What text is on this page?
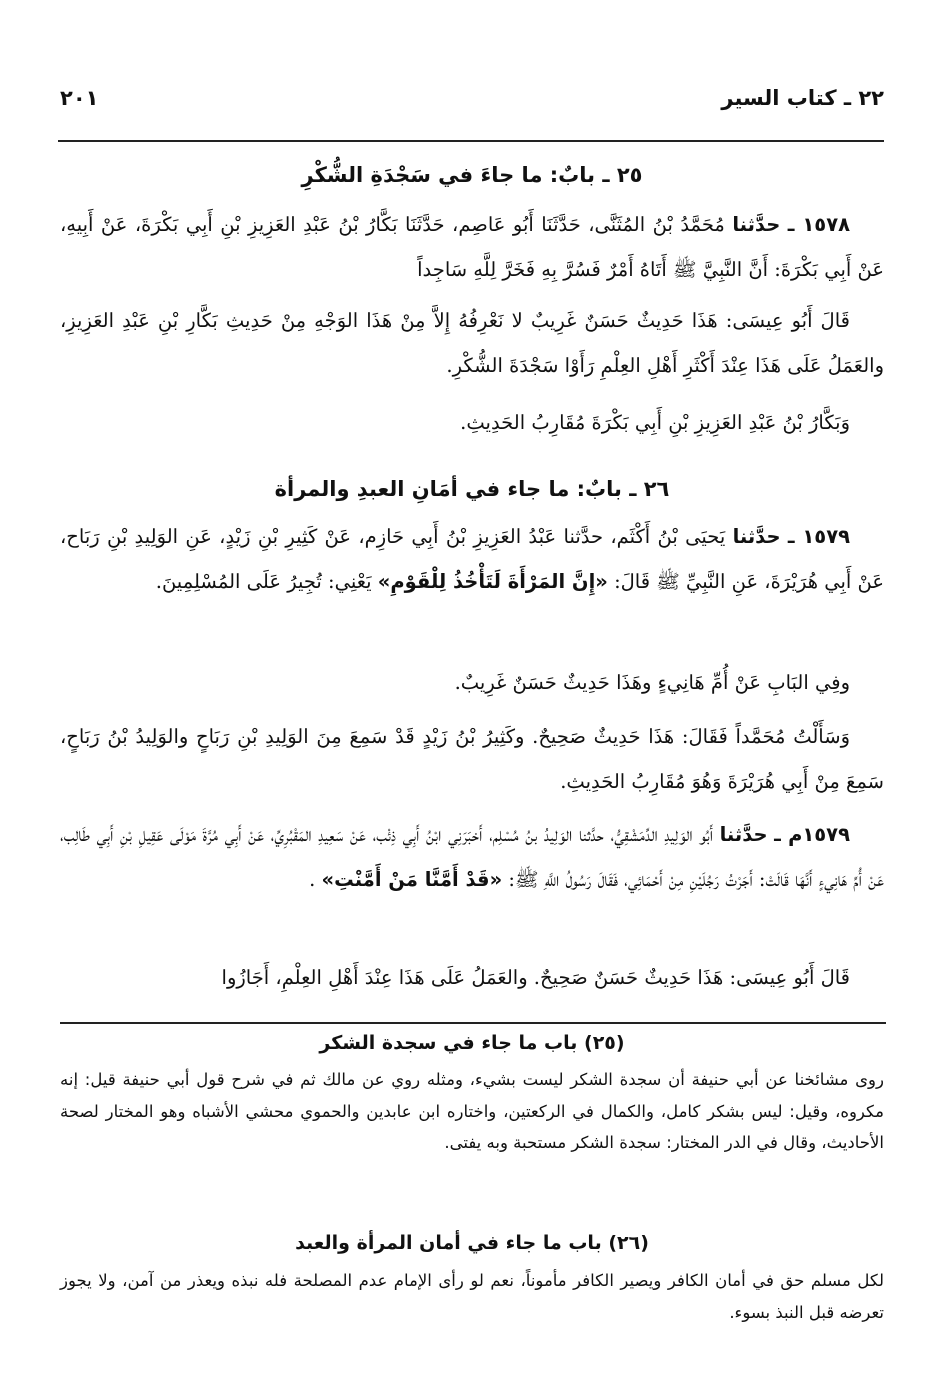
٢٢ ـ كتاب السير
٢٠١
٢٥ ـ بابٌ: ما جاءَ في سَجْدَةِ الشُّكْرِ
١٥٧٨ ـ حدَّثنا مُحَمَّدُ بْنُ المُثَنَّى، حَدَّثَنَا أَبُو عَاصِم، حَدَّثَنَا بَكَّارُ بْنُ عَبْدِ العَزِيزِ بْنِ أَبِي بَكْرَةَ، عَنْ أَبِيهِ، عَنْ أَبِي بَكْرَةَ: أَنَّ النَّبِيَّ ﷺ أَتَاهُ أَمْرٌ فَسُرَّ بِهِ فَخَرَّ لِلَّهِ سَاجِداً
قَالَ أَبُو عِيسَى: هَذَا حَدِيثٌ حَسَنٌ غَرِيبٌ لا نَعْرِفُهُ إِلاَّ مِنْ هَذَا الوَجْهِ مِنْ حَدِيثِ بَكَّارِ بْنِ عَبْدِ العَزِيزِ، والعَمَلُ عَلَى هَذَا عِنْدَ أَكْثَرِ أَهْلِ العِلْمِ رَأَوْا سَجْدَةَ الشُّكْرِ.
وَبَكَّارُ بْنُ عَبْدِ العَزِيزِ بْنِ أَبِي بَكْرَةَ مُقَارِبُ الحَدِيثِ.
٢٦ ـ بابٌ: ما جاء في أمَانِ العبدِ والمرأة
١٥٧٩ ـ حدَّثنا يَحيَى بْنُ أَكْثَم، حدَّثنا عَبْدُ العَزِيزِ بْنُ أَبِي حَازِم، عَنْ كَثِيرِ بْنِ زَيْدٍ، عَنِ الوَلِيدِ بْنِ رَبَاح، عَنْ أَبِي هُرَيْرَةَ، عَنِ النَّبِيِّ ﷺ قَالَ: «إِنَّ المَرْأَةَ لَتَأْخُذُ لِلْقَوْمِ» يَعْنِي: تُجِيرُ عَلَى المُسْلِمِينَ.
وفِي البَابِ عَنْ أُمِّ هَانِيءٍ وهَذَا حَدِيثٌ حَسَنٌ غَرِيبٌ.
وَسَأَلْتُ مُحَمَّداً فَقَالَ: هَذَا حَدِيثٌ صَحِيحٌ. وكَثِيرُ بْنُ زَيْدٍ قَدْ سَمِعَ مِنَ الوَلِيدِ بْنِ رَبَاحٍ والوَلِيدُ بْنُ رَبَاحٍ، سَمِعَ مِنْ أَبِي هُرَيْرَةَ وَهُوَ مُقَارِبُ الحَدِيثِ.
١٥٧٩م ـ حدَّثنا أَبُو الوَلِيدِ الدِّمَشْقِيُّ، حدَّثنا الوَلِيدُ بنُ مُسْلِم، أَخبَرَنِي ابْنُ أَبِي ذِئْب، عَنْ سَعِيدِ المَقْبُرِيِّ، عَنْ أَبِي مُرَّةَ مَوْلَى عَقِيلِ بْنِ أَبِي طَالِب، عَنْ أُمِّ هَانِيءٍ أَنَّهَا قَالَتْ: أَجَرْتُ رَجُلَيْنِ مِنْ أَحْمَائِي، فَقَالَ رَسُولُ اللَّهِ ﷺ: «قَدْ أَمَّنَّا مَنْ أَمَّنْتِ» .
قَالَ أَبُو عِيسَى: هَذَا حَدِيثٌ حَسَنٌ صَحِيحٌ. والعَمَلُ عَلَى هَذَا عِنْدَ أَهْلِ العِلْمِ، أَجَازُوا
(٢٥) باب ما جاء في سجدة الشكر
روى مشائخنا عن أبي حنيفة أن سجدة الشكر ليست بشيء، ومثله روي عن مالك ثم في شرح قول أبي حنيفة قيل: إنه مكروه، وقيل: ليس بشكر كامل، والكمال في الركعتين، واختاره ابن عابدين والحموي محشي الأشباه وهو المختار لصحة الأحاديث، وقال في الدر المختار: سجدة الشكر مستحبة وبه يفتى.
(٢٦) باب ما جاء في أمان المرأة والعبد
لكل مسلم حق في أمان الكافر ويصير الكافر مأموناً، نعم لو رأى الإمام عدم المصلحة فله نبذه ويعذر من آمن، ولا يجوز تعرضه قبل النبذ بسوء.
